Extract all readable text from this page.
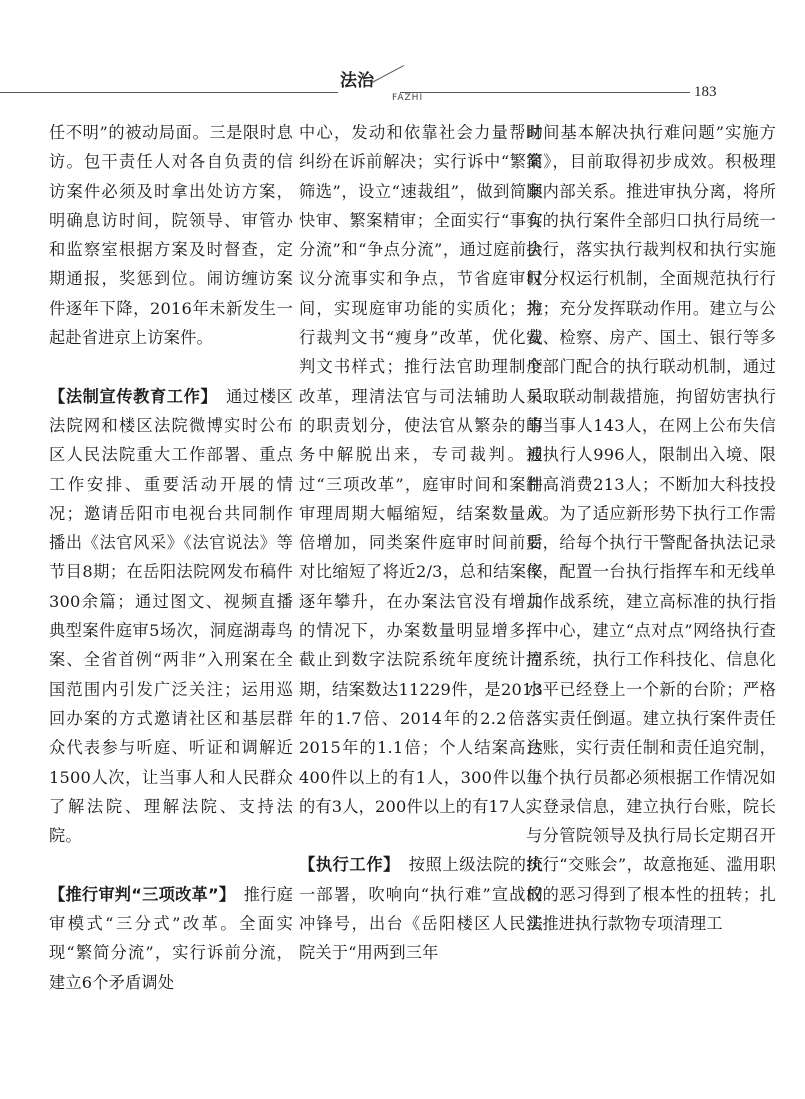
法治
FAZHI	183

任不明”的被动局面。三是限时息访。包干责任人对各自负责的信访案件必须及时拿出处访方案，明确息访时间，院领导、审管办和监察室根据方案及时督查，定期通报，奖惩到位。闹访缠访案件逐年下降，2016年未新发生一起赴省进京上访案件。

【法制宣传教育工作】　 通过楼区法院网和楼区法院微博实时公布区人民法院重大工作部署、重点工作安排、重要活动开展的情况；邀请岳阳市电视台共同制作播出《法官风采》《法官说法》等节目8期；在岳阳法院网发布稿件300余篇；通过图文、视频直播典型案件庭审5场次，洞庭湖毒鸟案、全省首例“两非”入刑案在全国范围内引发广泛关注；运用巡回办案的方式邀请社区和基层群众代表参与听庭、听证和调解近1500人次，让当事人和人民群众了解法院、理解法院、支持法院。

【推行审判“三项改革”】　 推行庭审模式“三分式”改革。全面实现“繁简分流”，实行诉前分流，建立6个矛盾调处

中心，发动和依靠社会力量帮助纠纷在诉前解决；实行诉中“繁简筛选”，设立“速裁组”，做到简案快审、繁案精审；全面实行“事实分流”和“争点分流”，通过庭前会议分流事实和争点，节省庭审时间，实现庭审功能的实质化；推行裁判文书“瘦身”改革，优化裁判文书样式；推行法官助理制度改革，理清法官与司法辅助人员的职责划分，使法官从繁杂的事务中解脱出来，专司裁判。通过“三项改革”，庭审时间和案件审理周期大幅缩短，结案数量成倍增加，同类案件庭审时间前后对比缩短了将近2/3，总和结案率逐年攀升，在办案法官没有增加的情况下，办案数量明显增多，截止到数字法院系统年度统计周期，结案数达11229件，是2013年的1.7倍、2014年的2.2倍、2015年的1.1倍；个人结案高达400件以上的有1人，300件以上的有3人，200件以上的有17人。

【执行工作】　 按照上级法院的统一部署，吹响向“执行难”宣战的冲锋号，出台《岳阳楼区人民法院关于“用两到三年

时间基本解决执行难问题”实施方案》，目前取得初步成效。积极理顺内部关系。推进审执分离，将所有的执行案件全部归口执行局统一执行，落实执行裁判权和执行实施权分权运行机制，全面规范执行行为；充分发挥联动作用。建立与公安、检察、房产、国土、银行等多个部门配合的执行联动机制，通过采取联动制裁措施，拘留妨害执行的当事人143人，在网上公布失信被执行人996人，限制出入境、限制高消费213人；不断加大科技投入。为了适应新形势下执行工作需要，给每个执行干警配备执法记录仪，配置一台执行指挥车和无线单兵作战系统，建立高标准的执行指挥中心，建立“点对点”网络执行查控系统，执行工作科技化、信息化水平已经登上一个新的台阶；严格落实责任倒逼。建立执行案件责任台账，实行责任制和责任追究制，每个执行员都必须根据工作情况如实登录信息，建立执行台账，院长与分管院领导及执行局长定期召开执行“交账会”，故意拖延、滥用职权的恶习得到了根本性的扭转；扎实推进执行款物专项清理工
